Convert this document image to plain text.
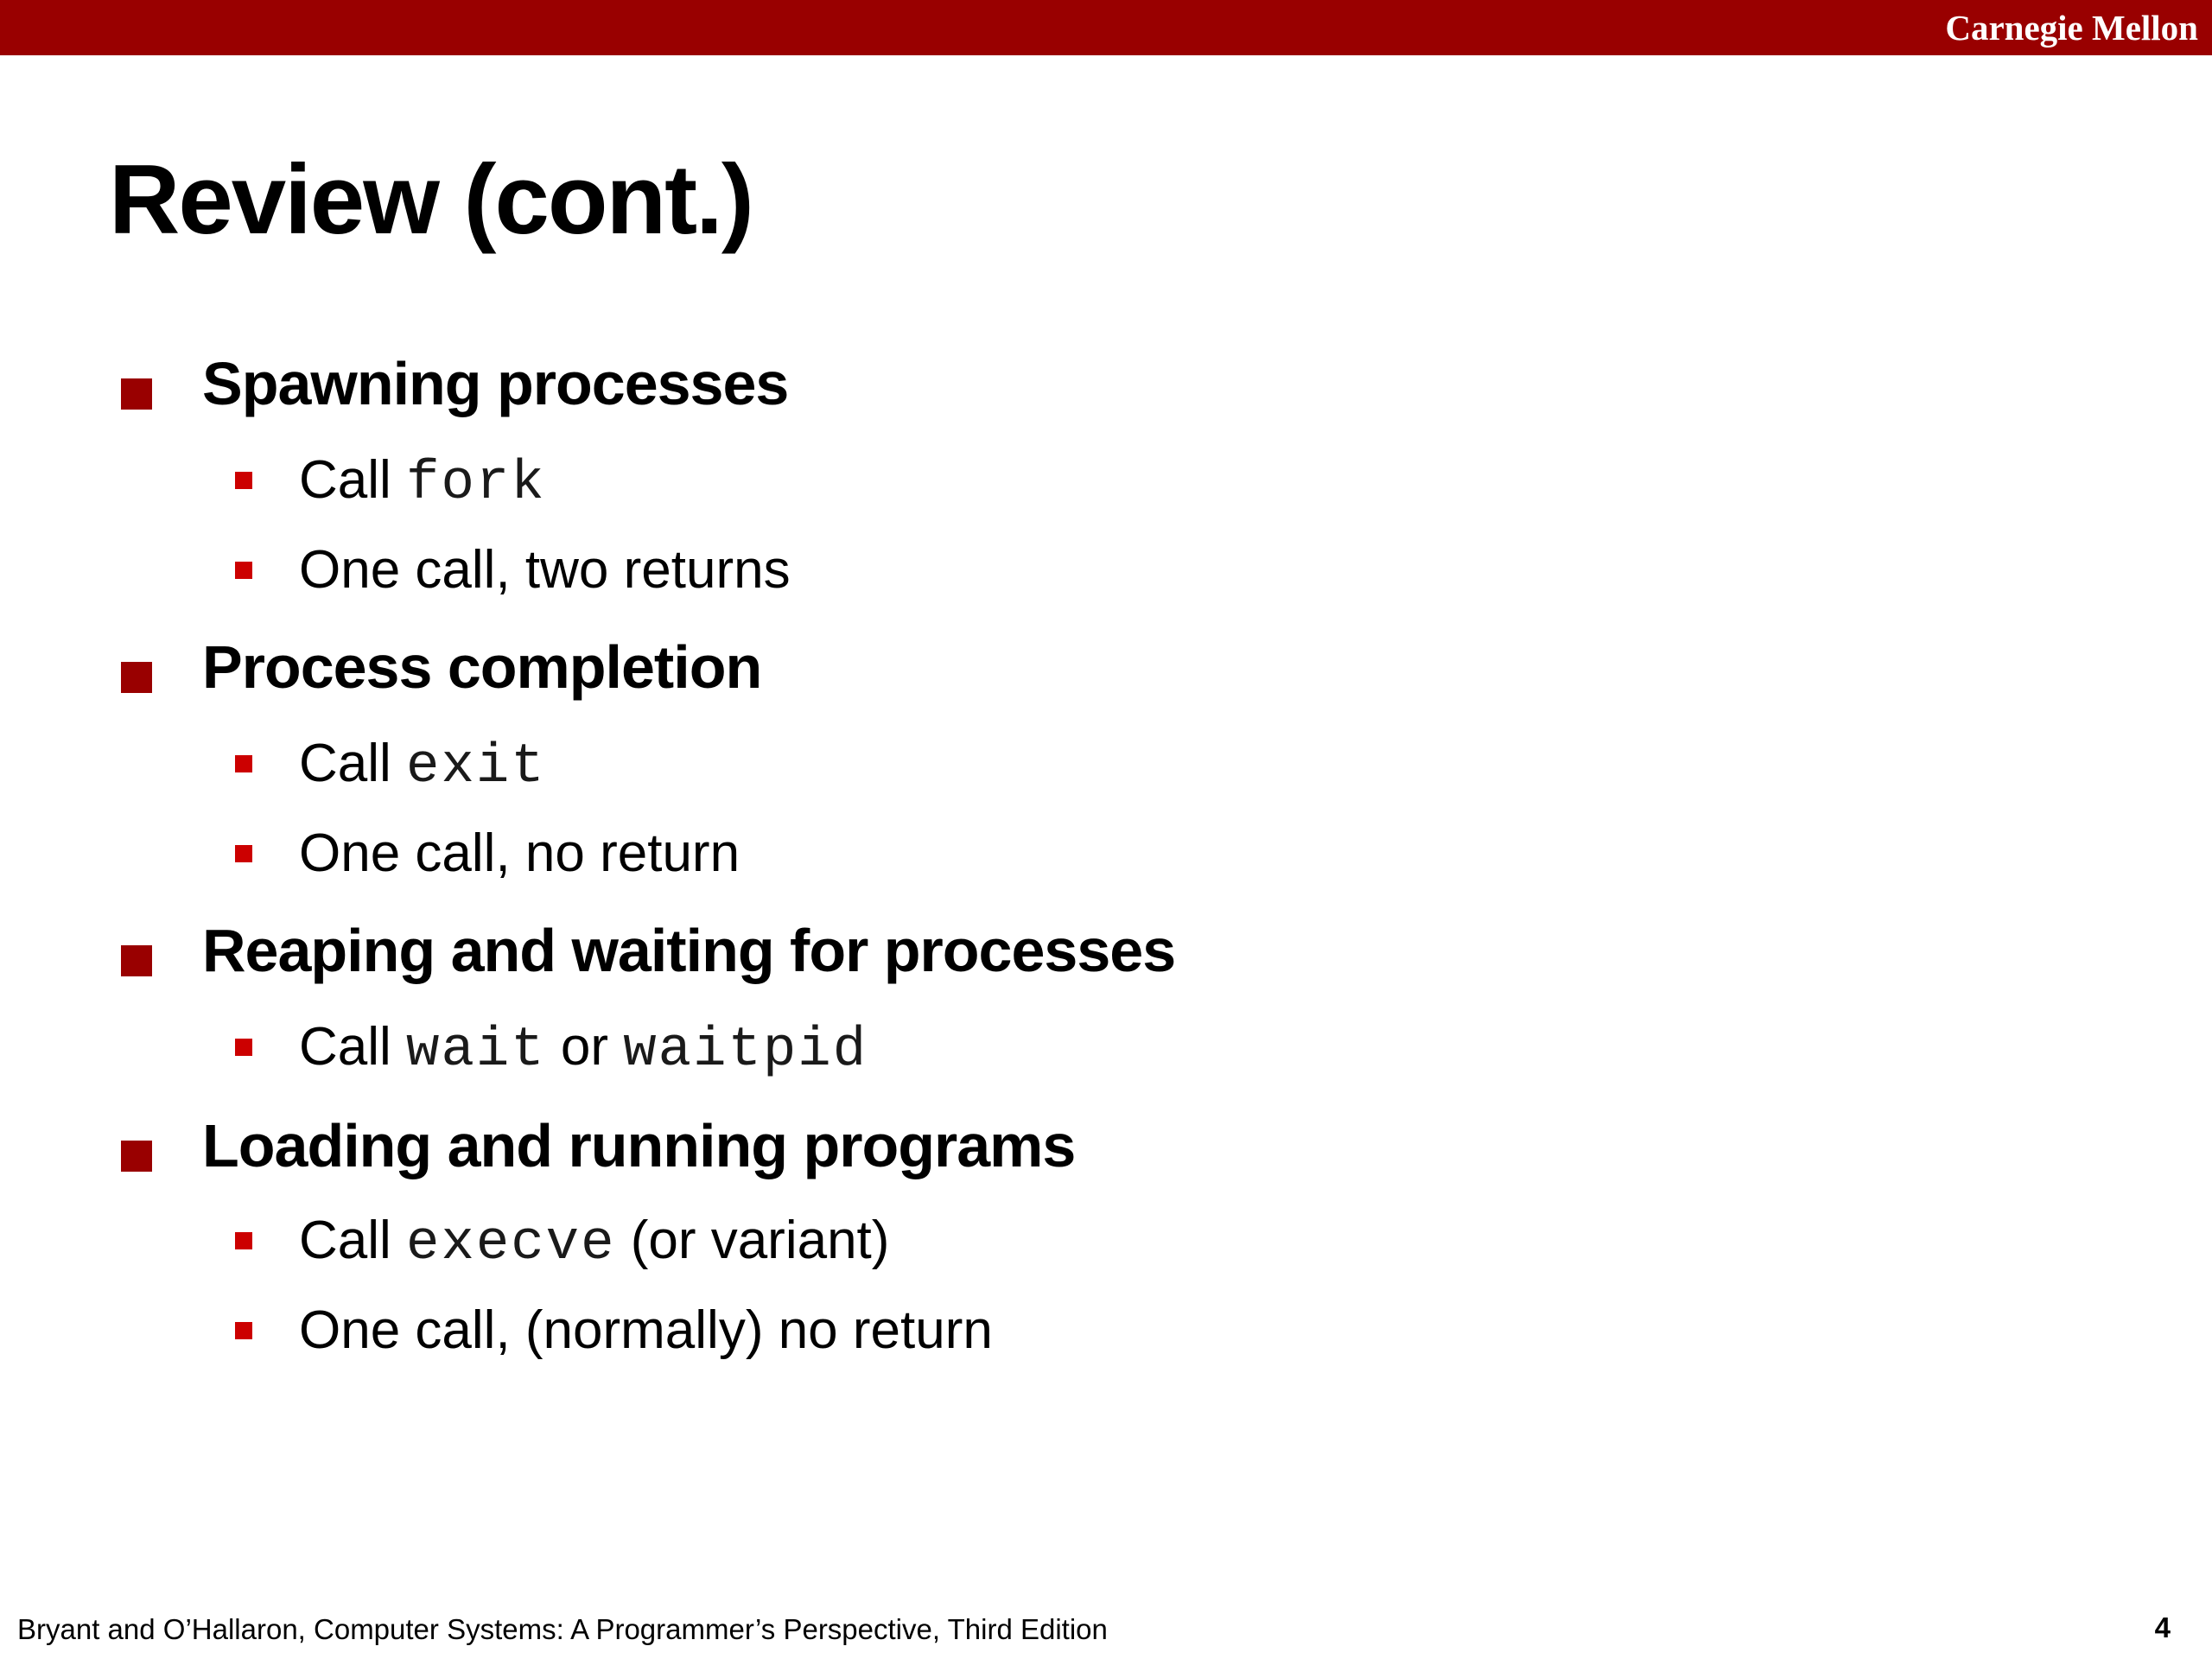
Carnegie Mellon
Review (cont.)
Spawning processes
Call fork
One call, two returns
Process completion
Call exit
One call, no return
Reaping and waiting for processes
Call wait or waitpid
Loading and running programs
Call execve (or variant)
One call, (normally) no return
Bryant and O’Hallaron, Computer Systems: A Programmer’s Perspective, Third Edition	4
